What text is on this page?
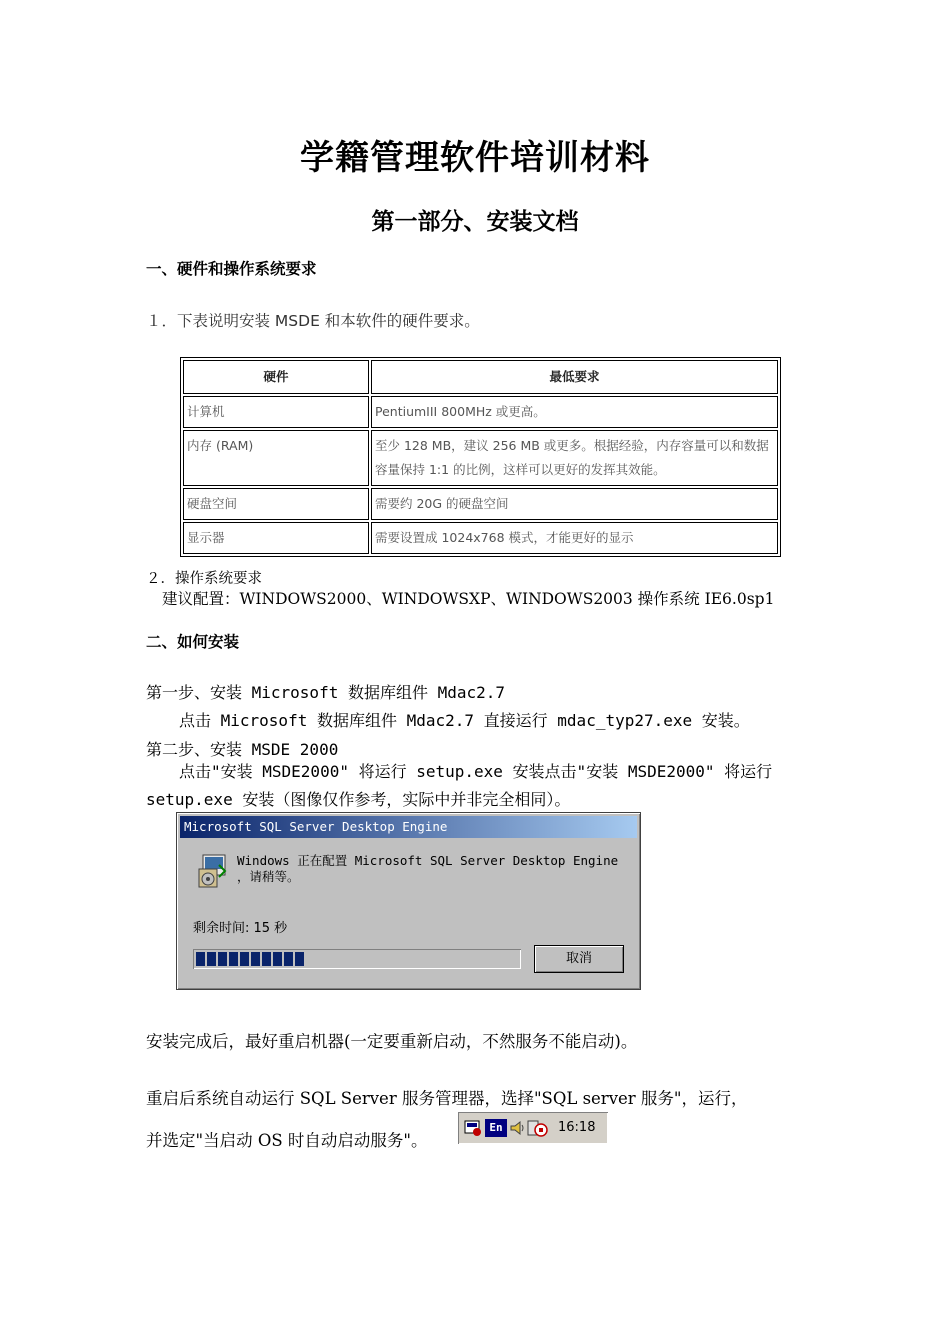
学籍管理软件培训材料
第一部分、安装文档
一、硬件和操作系统要求
１．下表说明安装 MSDE 和本软件的硬件要求。
硬件	最低要求
计算机	PentiumIII 800MHz 或更高。
内存 (RAM)	至少 128 MB，建议 256 MB 或更多。根据经验，内存容量可以和数据容量保持 1:1 的比例，这样可以更好的发挥其效能。
硬盘空间	需要约 20G 的硬盘空间
显示器	需要设置成 1024x768 模式，才能更好的显示
２．操作系统要求
建议配置：WINDOWS2000、WINDOWSXP、WINDOWS2003 操作系统 IE6.0sp1
二、如何安装
第一步、安装 Microsoft 数据库组件 Mdac2.7
点击 Microsoft 数据库组件 Mdac2.7 直接运行 mdac_typ27.exe 安装。
第二步、安装 MSDE 2000
点击"安装 MSDE2000" 将运行 setup.exe 安装点击"安装 MSDE2000" 将运行
setup.exe 安装（图像仅作参考，实际中并非完全相同）。
Microsoft SQL Server Desktop Engine
Windows 正在配置 Microsoft SQL Server Desktop Engine
，请稍等。
剩余时间: 15 秒
取消
安装完成后，最好重启机器(一定要重新启动，不然服务不能启动)。
重启后系统自动运行 SQL Server 服务管理器，选择"SQL server 服务"，运行，
并选定"当启动 OS 时自动启动服务"。
En	16:18
